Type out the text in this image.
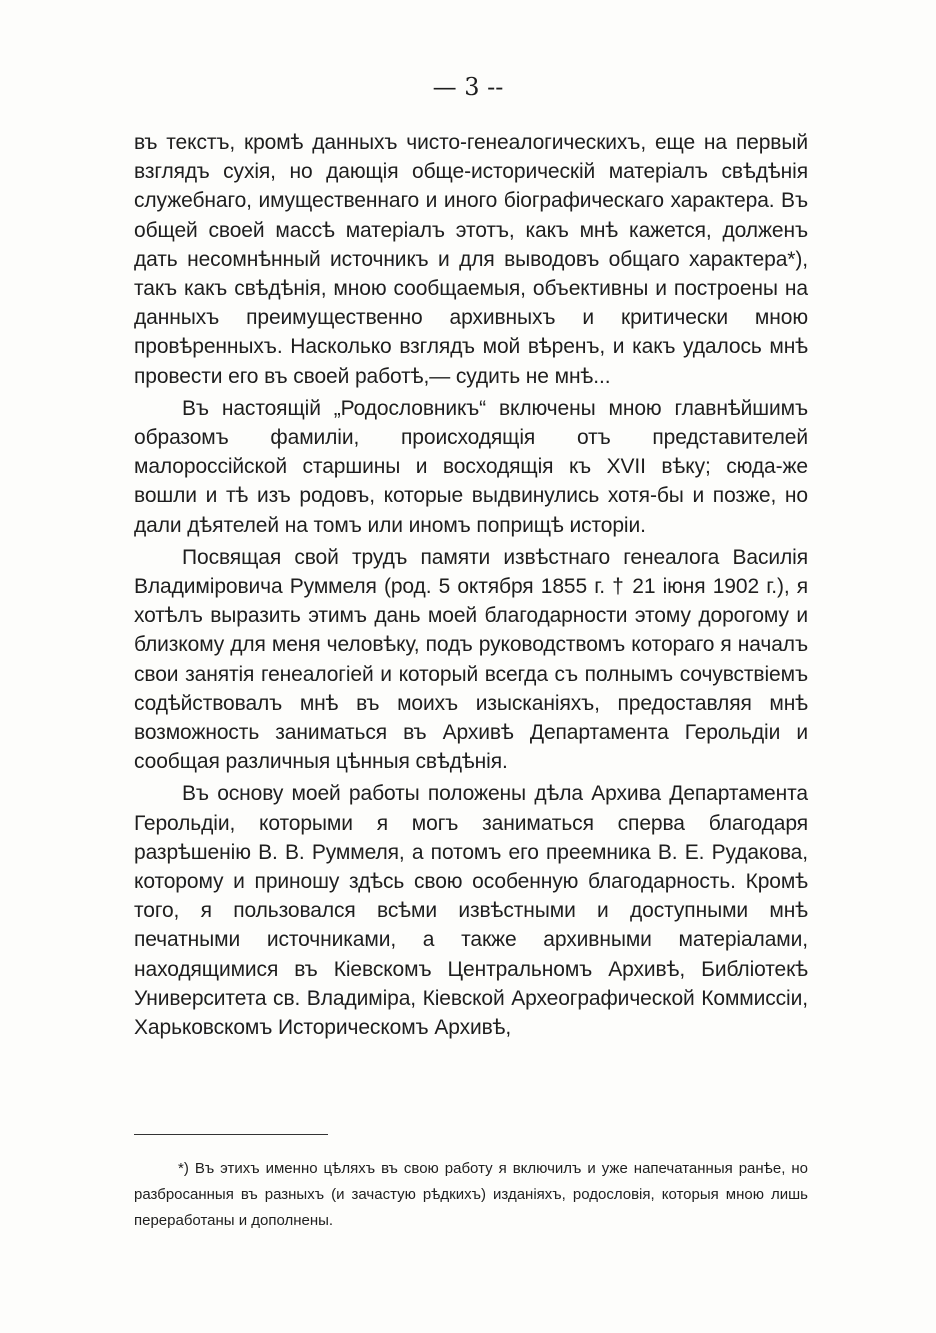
— 3 --

въ текстъ, кромѣ данныхъ чисто-генеалогическихъ, еще на первый взглядъ сухія, но дающія обще-историческій матеріалъ свѣдѣнія служебнаго, имущественнаго и иного біографическаго характера. Въ общей своей массѣ матеріалъ этотъ, какъ мнѣ кажется, долженъ дать несомнѣнный источникъ и для выводовъ общаго характера*), такъ какъ свѣдѣнія, мною сообщаемыя, объективны и построены на данныхъ преимущественно архивныхъ и критически мною провѣренныхъ. Насколько взглядъ мой вѣренъ, и какъ удалось мнѣ провести его въ своей работѣ,— судить не мнѣ...

Въ настоящій „Родословникъ“ включены мною главнѣйшимъ образомъ фамиліи, происходящія отъ представителей малороссійской старшины и восходящія къ XVII вѣку; сюда-же вошли и тѣ изъ родовъ, которые выдвинулись хотя-бы и позже, но дали дѣятелей на томъ или иномъ поприщѣ исторіи.

Посвящая свой трудъ памяти извѣстнаго генеалога Василія Владиміровича Руммеля (род. 5 октября 1855 г. † 21 іюня 1902 г.), я хотѣлъ выразить этимъ дань моей благодарности этому дорогому и близкому для меня человѣку, подъ руководствомъ котораго я началъ свои занятія генеалогіей и который всегда съ полнымъ сочувствіемъ содѣйствовалъ мнѣ въ моихъ изысканіяхъ, предоставляя мнѣ возможность заниматься въ Архивѣ Департамента Герольдіи и сообщая различныя цѣнныя свѣдѣнія.

Въ основу моей работы положены дѣла Архива Департамента Герольдіи, которыми я могъ заниматься сперва благодаря разрѣшенію В. В. Руммеля, а потомъ его преемника В. Е. Рудакова, которому и приношу здѣсь свою особенную благодарность. Кромѣ того, я пользовался всѣми извѣстными и доступными мнѣ печатными источниками, а также архивными матеріалами, находящимися въ Кіевскомъ Центральномъ Архивѣ, Библіотекѣ Университета св. Владиміра, Кіевской Археографической Коммиссіи, Харьковскомъ Историческомъ Архивѣ,

*) Въ этихъ именно цѣляхъ въ свою работу я включилъ и уже напечатанныя ранѣе, но разбросанныя въ разныхъ (и зачастую рѣдкихъ) изданіяхъ, родословія, которыя мною лишь переработаны и дополнены.
